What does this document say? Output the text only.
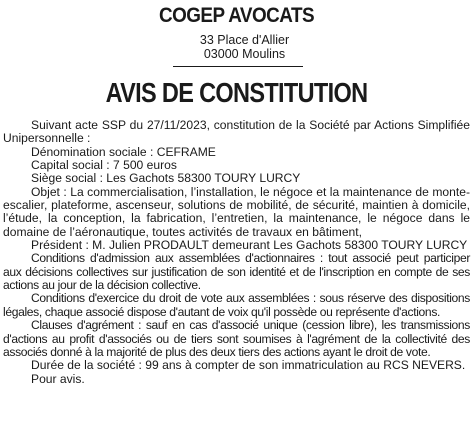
COGEP AVOCATS
33 Place d'Allier
03000 Moulins
AVIS DE CONSTITUTION

Suivant acte SSP du 27/11/2023, constitution de la Société par Actions Simplifiée Unipersonnelle :

Dénomination sociale : CEFRAME

Capital social : 7 500 euros

Siège social : Les Gachots 58300 TOURY LURCY

Objet : La commercialisation, l’installation, le négoce et la maintenance de monte-escalier, plateforme, ascenseur, solutions de mobilité, de sécurité, maintien à domicile, l’étude, la conception, la fabrication, l’entretien, la maintenance, le négoce dans le domaine de l’aéronautique, toutes activités de travaux en bâtiment,

Président : M. Julien PRODAULT demeurant Les Gachots 58300 TOURY LURCY

Conditions d'admission aux assemblées d'actionnaires : tout associé peut participer aux décisions collectives sur justification de son identité et de l'inscription en compte de ses actions au jour de la décision collective.

Conditions d'exercice du droit de vote aux assemblées : sous réserve des dispositions légales, chaque associé dispose d'autant de voix qu'il possède ou représente d'actions.

Clauses d'agrément : sauf en cas d'associé unique (cession libre), les transmissions d'actions au profit d'associés ou de tiers sont soumises à l'agrément de la collectivité des associés donné à la majorité de plus des deux tiers des actions ayant le droit de vote.

Durée de la société : 99 ans à compter de son immatriculation au RCS NEVERS.

Pour avis.
